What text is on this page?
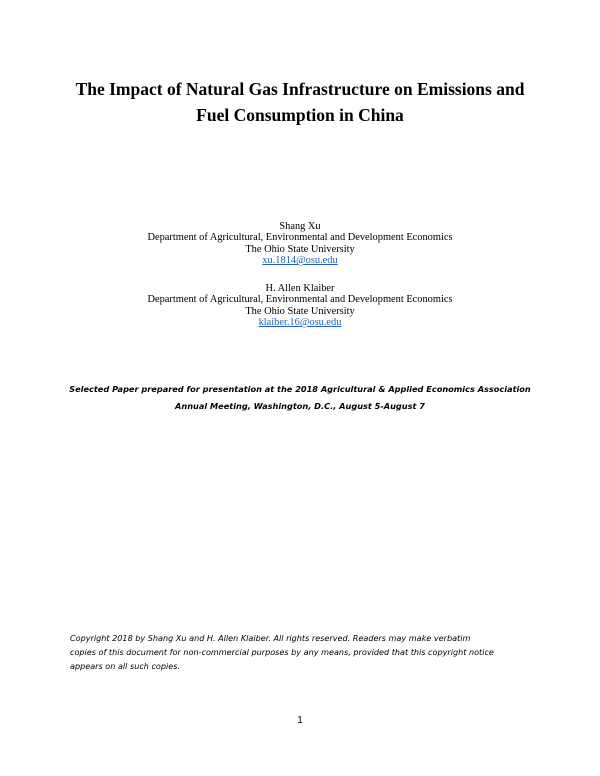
The Impact of Natural Gas Infrastructure on Emissions and
Fuel Consumption in China
Shang Xu
Department of Agricultural, Environmental and Development Economics
The Ohio State University
xu.1814@osu.edu
H. Allen Klaiber
Department of Agricultural, Environmental and Development Economics
The Ohio State University
klaiber.16@osu.edu
Selected Paper prepared for presentation at the 2018 Agricultural & Applied Economics Association
Annual Meeting, Washington, D.C., August 5-August 7
Copyright 2018 by Shang Xu and H. Allen Klaiber. All rights reserved. Readers may make verbatim
copies of this document for non-commercial purposes by any means, provided that this copyright notice
appears on all such copies.
1
